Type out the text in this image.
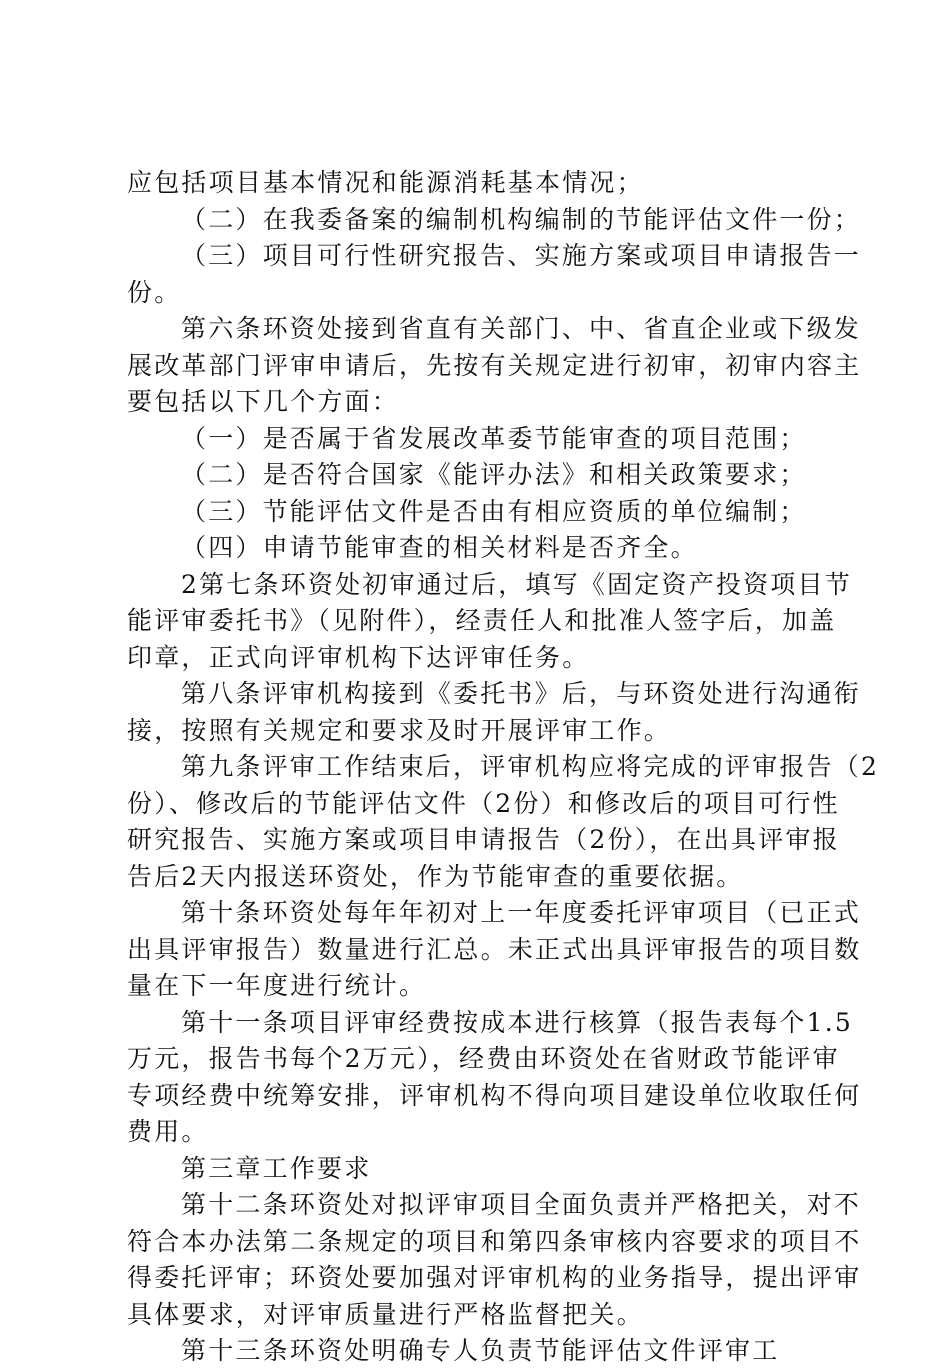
应包括项目基本情况和能源消耗基本情况；
（二）在我委备案的编制机构编制的节能评估文件一份；
（三）项目可行性研究报告、实施方案或项目申请报告一
份。
第六条环资处接到省直有关部门、中、省直企业或下级发
展改革部门评审申请后，先按有关规定进行初审，初审内容主
要包括以下几个方面：
（一）是否属于省发展改革委节能审查的项目范围；
（二）是否符合国家《能评办法》和相关政策要求；
（三）节能评估文件是否由有相应资质的单位编制；
（四）申请节能审查的相关材料是否齐全。
2第七条环资处初审通过后，填写《固定资产投资项目节
能评审委托书》（见附件），经责任人和批准人签字后，加盖
印章，正式向评审机构下达评审任务。
第八条评审机构接到《委托书》后，与环资处进行沟通衔
接，按照有关规定和要求及时开展评审工作。
第九条评审工作结束后，评审机构应将完成的评审报告（2
份）、修改后的节能评估文件（2份）和修改后的项目可行性
研究报告、实施方案或项目申请报告（2份），在出具评审报
告后2天内报送环资处，作为节能审查的重要依据。
第十条环资处每年年初对上一年度委托评审项目（已正式
出具评审报告）数量进行汇总。未正式出具评审报告的项目数
量在下一年度进行统计。
第十一条项目评审经费按成本进行核算（报告表每个1.5
万元，报告书每个2万元），经费由环资处在省财政节能评审
专项经费中统筹安排，评审机构不得向项目建设单位收取任何
费用。
第三章工作要求
第十二条环资处对拟评审项目全面负责并严格把关，对不
符合本办法第二条规定的项目和第四条审核内容要求的项目不
得委托评审；环资处要加强对评审机构的业务指导，提出评审
具体要求，对评审质量进行严格监督把关。
第十三条环资处明确专人负责节能评估文件评审工
